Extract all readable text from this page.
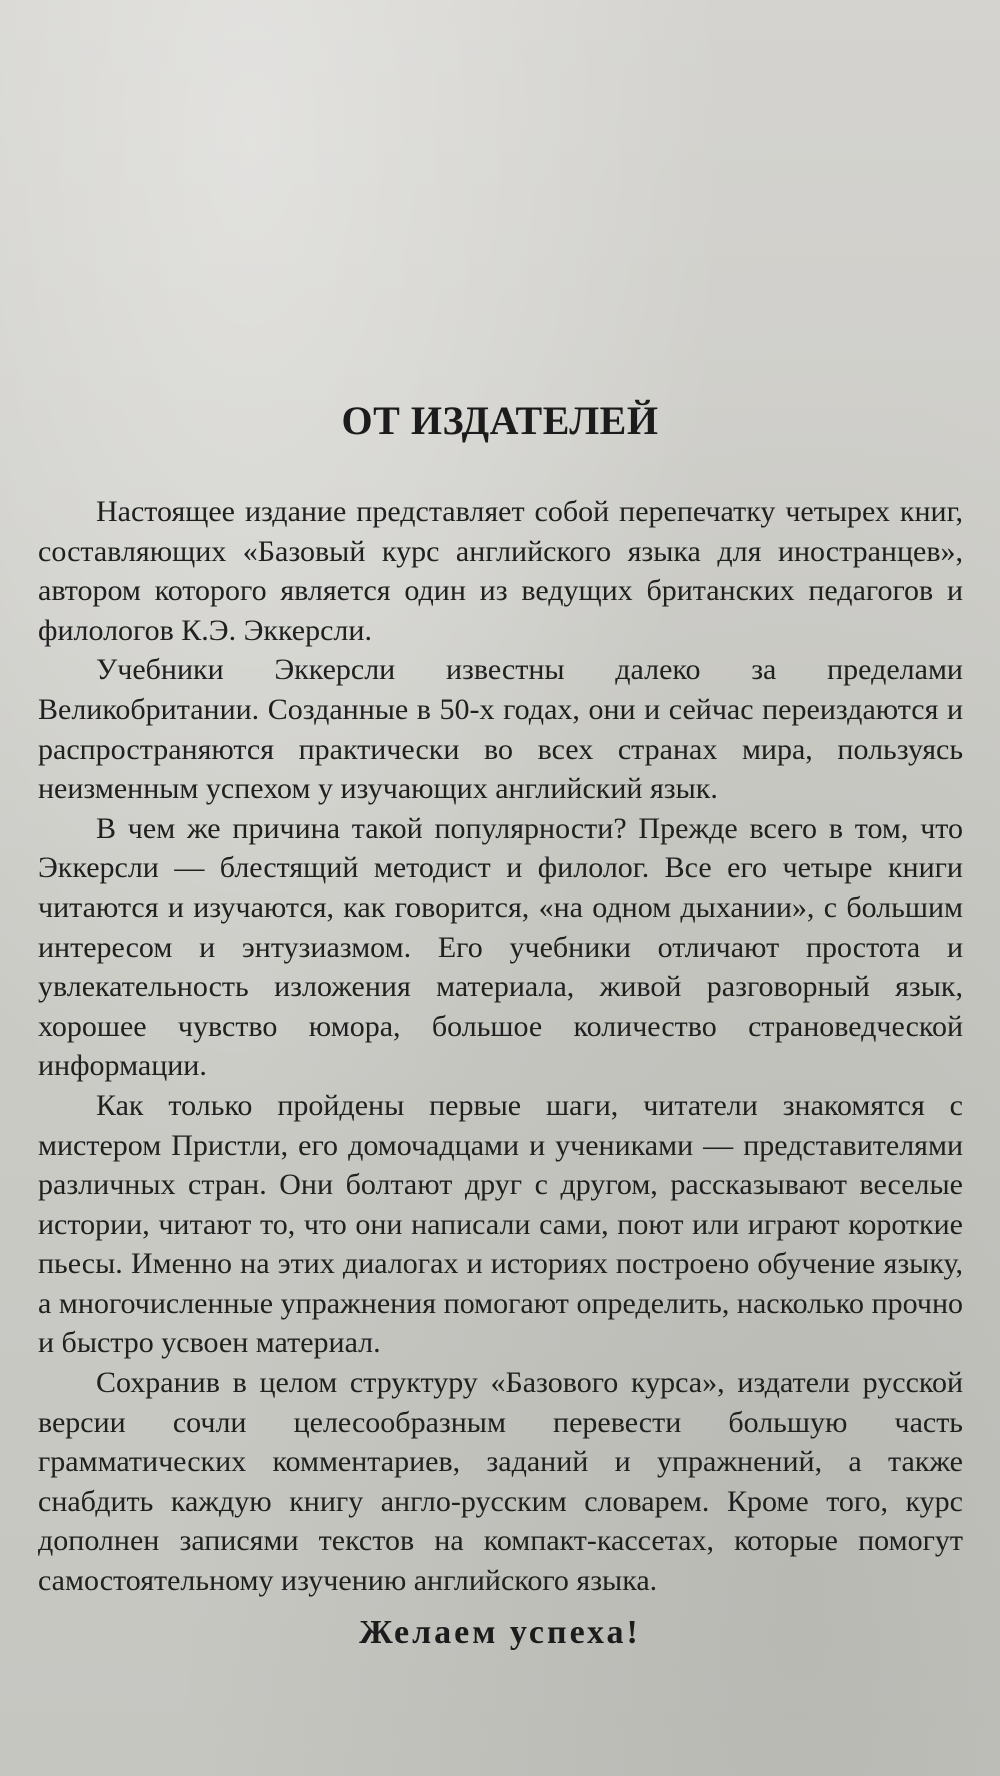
ОТ ИЗДАТЕЛЕЙ

Настоящее издание представляет собой перепечатку четырех книг, составляющих «Базовый курс английского языка для иностранцев», автором которого является один из ведущих британских педагогов и филологов К.Э. Эккерсли.

Учебники Эккерсли известны далеко за пределами Великобритании. Созданные в 50-х годах, они и сейчас переиздаются и распространяются практически во всех странах мира, пользуясь неизменным успехом у изучающих английский язык.

В чем же причина такой популярности? Прежде всего в том, что Эккерсли — блестящий методист и филолог. Все его четыре книги читаются и изучаются, как говорится, «на одном дыхании», с большим интересом и энтузиазмом. Его учебники отличают простота и увлекательность изложения материала, живой разговорный язык, хорошее чувство юмора, большое количество страноведческой информации.

Как только пройдены первые шаги, читатели знакомятся с мистером Пристли, его домочадцами и учениками — представителями различных стран. Они болтают друг с другом, рассказывают веселые истории, читают то, что они написали сами, поют или играют короткие пьесы. Именно на этих диалогах и историях построено обучение языку, а многочисленные упражнения помогают определить, насколько прочно и быстро усвоен материал.

Сохранив в целом структуру «Базового курса», издатели русской версии сочли целесообразным перевести большую часть грамматических комментариев, заданий и упражнений, а также снабдить каждую книгу англо-русским словарем. Кроме того, курс дополнен записями текстов на компакт-кассетах, которые помогут самостоятельному изучению английского языка.

Желаем успеха!
